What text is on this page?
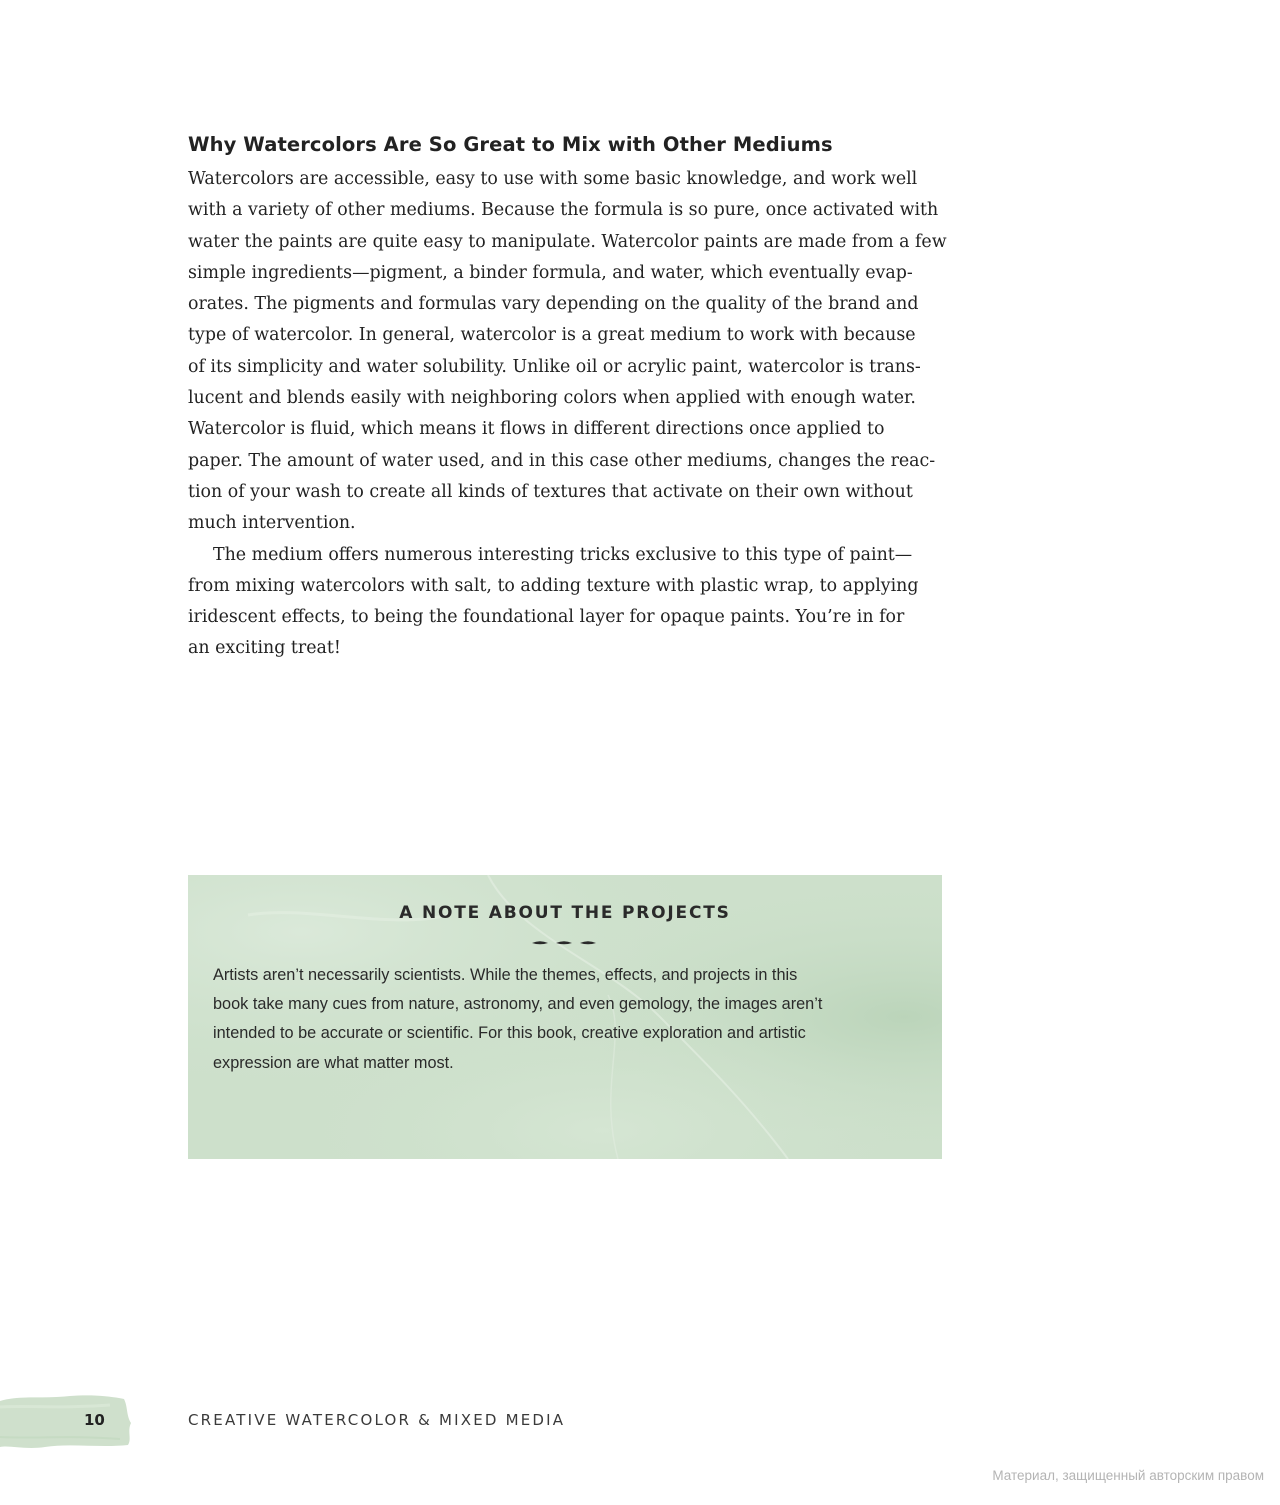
Why Watercolors Are So Great to Mix with Other Mediums

Watercolors are accessible, easy to use with some basic knowledge, and work well
with a variety of other mediums. Because the formula is so pure, once activated with
water the paints are quite easy to manipulate. Watercolor paints are made from a few
simple ingredients—pigment, a binder formula, and water, which eventually evap-
orates. The pigments and formulas vary depending on the quality of the brand and
type of watercolor. In general, watercolor is a great medium to work with because
of its simplicity and water solubility. Unlike oil or acrylic paint, watercolor is trans-
lucent and blends easily with neighboring colors when applied with enough water.
Watercolor is fluid, which means it flows in different directions once applied to
paper. The amount of water used, and in this case other mediums, changes the reac-
tion of your wash to create all kinds of textures that activate on their own without
much intervention.

The medium offers numerous interesting tricks exclusive to this type of paint—
from mixing watercolors with salt, to adding texture with plastic wrap, to applying
iridescent effects, to being the foundational layer for opaque paints. You’re in for
an exciting treat!

A NOTE ABOUT THE PROJECTS
Artists aren’t necessarily scientists. While the themes, effects, and projects in this
book take many cues from nature, astronomy, and even gemology, the images aren’t
intended to be accurate or scientific. For this book, creative exploration and artistic
expression are what matter most.
10	CREATIVE WATERCOLOR & MIXED MEDIA
Материал, защищенный авторским правом
